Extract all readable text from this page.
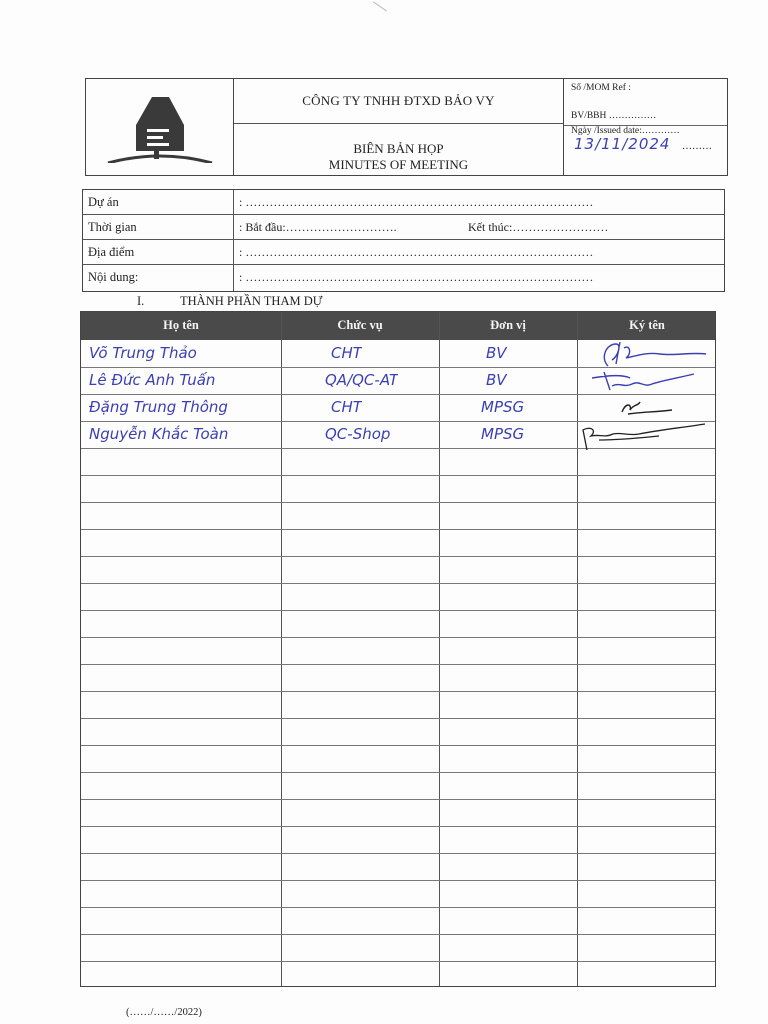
CÔNG TY TNHH ĐTXD BẢO VY
BIÊN BẢN HỌP
MINUTES OF MEETING
Số /MOM Ref :
BV/BBH ……………
Ngày /Issued date:…………
13/11/2024 ………
Dự án	: ……………………………………………………………………………
Thời gian	: Bắt đầu:……………………….	Kết thúc:……………………
Địa điểm	: ……………………………………………………………………………
Nội dung:	: ……………………………………………………………………………
I.	THÀNH PHẦN THAM DỰ
Họ tên	Chức vụ	Đơn vị	Ký tên
Võ Trung Thảo	CHT	BV
Lê Đức Anh Tuấn	QA/QC-AT	BV
Đặng Trung Thông	CHT	MPSG
Nguyễn Khắc Toàn	QC-Shop	MPSG
(……/……/2022)
